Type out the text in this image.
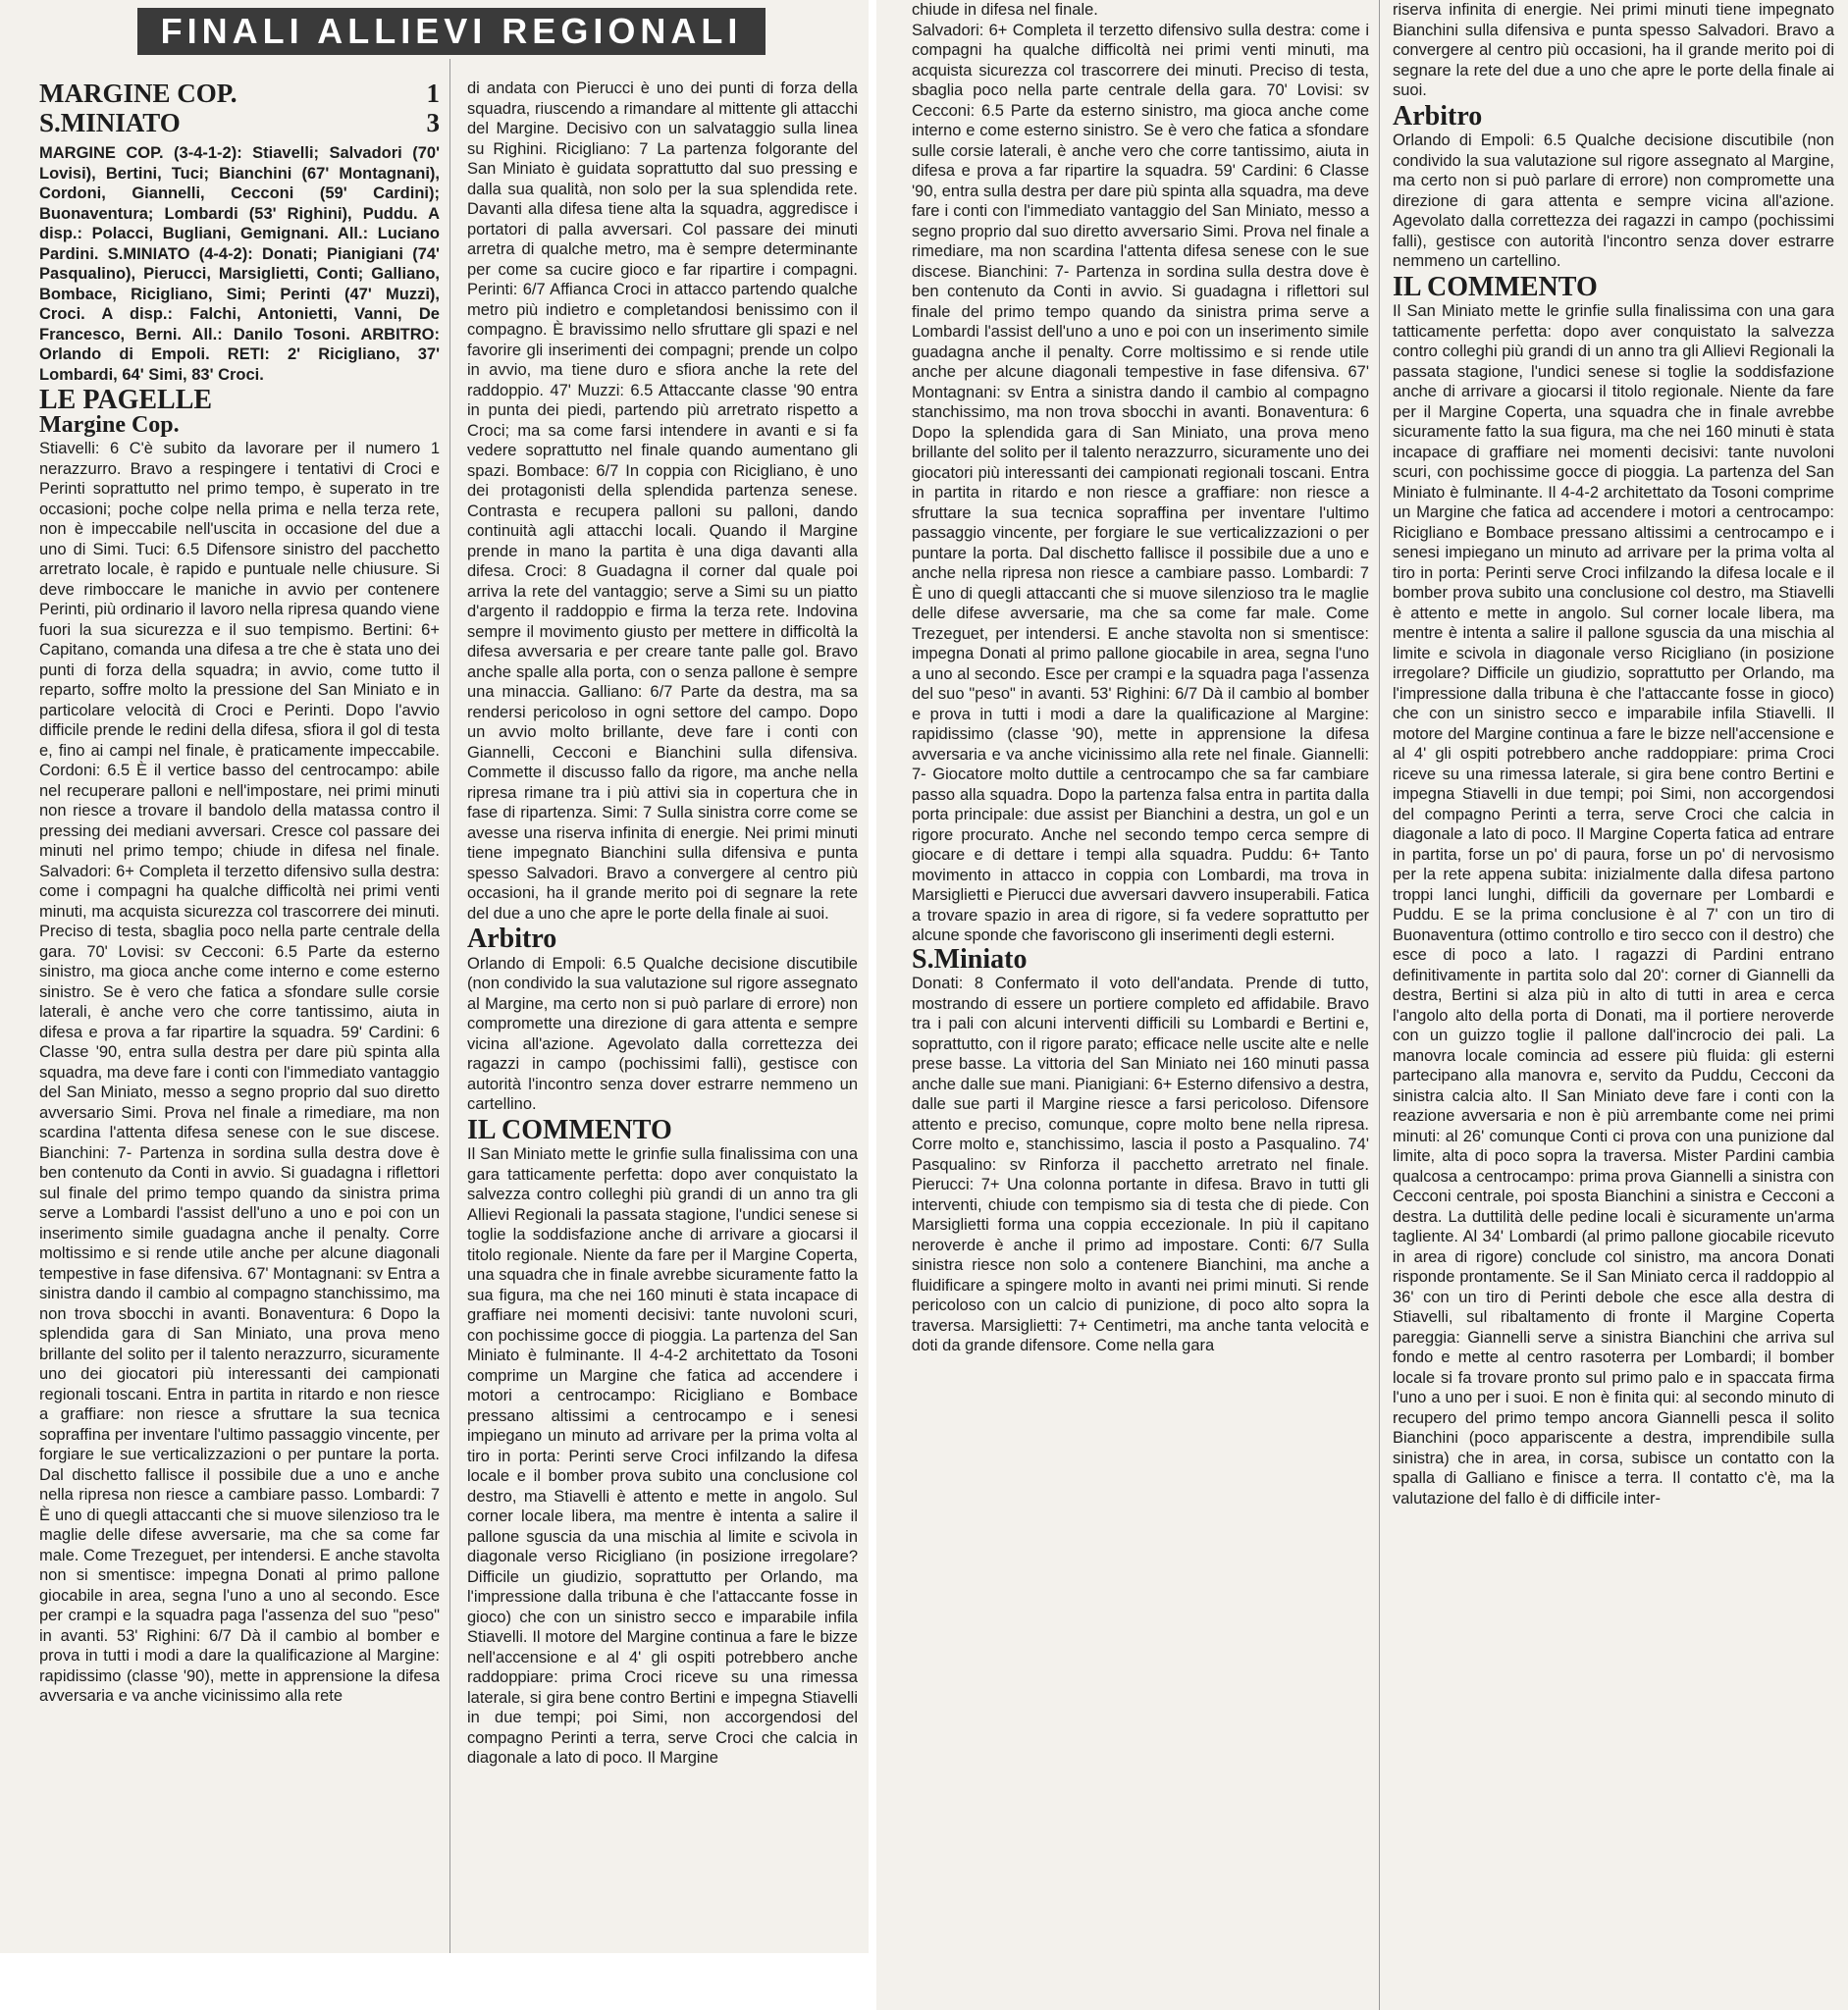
FINALI ALLIEVI REGIONALI
MARGINE COP.	1
S.MINIATO	3

MARGINE COP. (3-4-1-2): Stiavelli; Salvadori (70' Lovisi), Bertini, Tuci; Bianchini (67' Montagnani), Cordoni, Giannelli, Cecconi (59' Cardini); Buonaventura; Lombardi (53' Righini), Puddu. A disp.: Polacci, Bugliani, Gemignani. All.: Luciano Pardini. S.MINIATO (4-4-2): Donati; Pianigiani (74' Pasqualino), Pierucci, Marsiglietti, Conti; Galliano, Bombace, Ricigliano, Simi; Perinti (47' Muzzi), Croci. A disp.: Falchi, Antonietti, Vanni, De Francesco, Berni. All.: Danilo Tosoni. ARBITRO: Orlando di Empoli. RETI: 2' Ricigliano, 37' Lombardi, 64' Simi, 83' Croci.

LE PAGELLE
Margine Cop.

Stiavelli: 6 C'è subito da lavorare per il numero 1 nerazzurro. Bravo a respingere i tentativi di Croci e Perinti soprattutto nel primo tempo, è superato in tre occasioni; poche colpe nella prima e nella terza rete, non è impeccabile nell'uscita in occasione del due a uno di Simi. Tuci: 6.5 Difensore sinistro del pacchetto arretrato locale, è rapido e puntuale nelle chiusure. Si deve rimboccare le maniche in avvio per contenere Perinti, più ordinario il lavoro nella ripresa quando viene fuori la sua sicurezza e il suo tempismo. Bertini: 6+ Capitano, comanda una difesa a tre che è stata uno dei punti di forza della squadra; in avvio, come tutto il reparto, soffre molto la pressione del San Miniato e in particolare velocità di Croci e Perinti. Dopo l'avvio difficile prende le redini della difesa, sfiora il gol di testa e, fino ai campi nel finale, è praticamente impeccabile. Cordoni: 6.5 È il vertice basso del centrocampo: abile nel recuperare palloni e nell'impostare, nei primi minuti non riesce a trovare il bandolo della matassa contro il pressing dei mediani avversari. Cresce col passare dei minuti nel primo tempo; chiude in difesa nel finale. Salvadori: 6+ Completa il terzetto difensivo sulla destra: come i compagni ha qualche difficoltà nei primi venti minuti, ma acquista sicurezza col trascorrere dei minuti. Preciso di testa, sbaglia poco nella parte centrale della gara. 70' Lovisi: sv Cecconi: 6.5 Parte da esterno sinistro, ma gioca anche come interno e come esterno sinistro. Se è vero che fatica a sfondare sulle corsie laterali, è anche vero che corre tantissimo, aiuta in difesa e prova a far ripartire la squadra. 59' Cardini: 6 Classe '90, entra sulla destra per dare più spinta alla squadra, ma deve fare i conti con l'immediato vantaggio del San Miniato, messo a segno proprio dal suo diretto avversario Simi. Prova nel finale a rimediare, ma non scardina l'attenta difesa senese con le sue discese. Bianchini: 7- Partenza in sordina sulla destra dove è ben contenuto da Conti in avvio. Si guadagna i riflettori sul finale del primo tempo quando da sinistra prima serve a Lombardi l'assist dell'uno a uno e poi con un inserimento simile guadagna anche il penalty. Corre moltissimo e si rende utile anche per alcune diagonali tempestive in fase difensiva. 67' Montagnani: sv Entra a sinistra dando il cambio al compagno stanchissimo, ma non trova sbocchi in avanti. Bonaventura: 6 Dopo la splendida gara di San Miniato, una prova meno brillante del solito per il talento nerazzurro, sicuramente uno dei giocatori più interessanti dei campionati regionali toscani. Entra in partita in ritardo e non riesce a graffiare: non riesce a sfruttare la sua tecnica sopraffina per inventare l'ultimo passaggio vincente, per forgiare le sue verticalizzazioni o per puntare la porta. Dal dischetto fallisce il possibile due a uno e anche nella ripresa non riesce a cambiare passo. Lombardi: 7 È uno di quegli attaccanti che si muove silenzioso tra le maglie delle difese avversarie, ma che sa come far male. Come Trezeguet, per intendersi. E anche stavolta non si smentisce: impegna Donati al primo pallone giocabile in area, segna l'uno a uno al secondo. Esce per crampi e la squadra paga l'assenza del suo "peso" in avanti. 53' Righini: 6/7 Dà il cambio al bomber e prova in tutti i modi a dare la qualificazione al Margine: rapidissimo (classe '90), mette in apprensione la difesa avversaria e va anche vicinissimo alla rete

di andata con Pierucci è uno dei punti di forza della squadra, riuscendo a rimandare al mittente gli attacchi del Margine. Decisivo con un salvataggio sulla linea su Righini. Ricigliano: 7 La partenza folgorante del San Miniato è guidata soprattutto dal suo pressing e dalla sua qualità, non solo per la sua splendida rete. Davanti alla difesa tiene alta la squadra, aggredisce i portatori di palla avversari. Col passare dei minuti arretra di qualche metro, ma è sempre determinante per come sa cucire gioco e far ripartire i compagni. Perinti: 6/7 Affianca Croci in attacco partendo qualche metro più indietro e completandosi benissimo con il compagno. È bravissimo nello sfruttare gli spazi e nel favorire gli inserimenti dei compagni; prende un colpo in avvio, ma tiene duro e sfiora anche la rete del raddoppio. 47' Muzzi: 6.5 Attaccante classe '90 entra in punta dei piedi, partendo più arretrato rispetto a Croci; ma sa come farsi intendere in avanti e si fa vedere soprattutto nel finale quando aumentano gli spazi. Bombace: 6/7 In coppia con Ricigliano, è uno dei protagonisti della splendida partenza senese. Contrasta e recupera palloni su palloni, dando continuità agli attacchi locali. Quando il Margine prende in mano la partita è una diga davanti alla difesa. Croci: 8 Guadagna il corner dal quale poi arriva la rete del vantaggio; serve a Simi su un piatto d'argento il raddoppio e firma la terza rete. Indovina sempre il movimento giusto per mettere in difficoltà la difesa avversaria e per creare tante palle gol. Bravo anche spalle alla porta, con o senza pallone è sempre una minaccia. Galliano: 6/7 Parte da destra, ma sa rendersi pericoloso in ogni settore del campo. Dopo un avvio molto brillante, deve fare i conti con Giannelli, Cecconi e Bianchini sulla difensiva. Commette il discusso fallo da rigore, ma anche nella ripresa rimane tra i più attivi sia in copertura che in fase di ripartenza. Simi: 7 Sulla sinistra corre come se avesse una riserva infinita di energie. Nei primi minuti tiene impegnato Bianchini sulla difensiva e punta spesso Salvadori. Bravo a convergere al centro più occasioni, ha il grande merito poi di segnare la rete del due a uno che apre le porte della finale ai suoi.

Arbitro

Orlando di Empoli: 6.5 Qualche decisione discutibile (non condivido la sua valutazione sul rigore assegnato al Margine, ma certo non si può parlare di errore) non compromette una direzione di gara attenta e sempre vicina all'azione. Agevolato dalla correttezza dei ragazzi in campo (pochissimi falli), gestisce con autorità l'incontro senza dover estrarre nemmeno un cartellino.

IL COMMENTO

Il San Miniato mette le grinfie sulla finalissima con una gara tatticamente perfetta: dopo aver conquistato la salvezza contro colleghi più grandi di un anno tra gli Allievi Regionali la passata stagione, l'undici senese si toglie la soddisfazione anche di arrivare a giocarsi il titolo regionale. Niente da fare per il Margine Coperta, una squadra che in finale avrebbe sicuramente fatto la sua figura, ma che nei 160 minuti è stata incapace di graffiare nei momenti decisivi: tante nuvoloni scuri, con pochissime gocce di pioggia. La partenza del San Miniato è fulminante. Il 4-4-2 architettato da Tosoni comprime un Margine che fatica ad accendere i motori a centrocampo: Ricigliano e Bombace pressano altissimi a centrocampo e i senesi impiegano un minuto ad arrivare per la prima volta al tiro in porta: Perinti serve Croci infilzando la difesa locale e il bomber prova subito una conclusione col destro, ma Stiavelli è attento e mette in angolo. Sul corner locale libera, ma mentre è intenta a salire il pallone sguscia da una mischia al limite e scivola in diagonale verso Ricigliano (in posizione irregolare? Difficile un giudizio, soprattutto per Orlando, ma l'impressione dalla tribuna è che l'attaccante fosse in gioco) che con un sinistro secco e imparabile infila Stiavelli. Il motore del Margine continua a fare le bizze nell'accensione e al 4' gli ospiti potrebbero anche raddoppiare: prima Croci riceve su una rimessa laterale, si gira bene contro Bertini e impegna Stiavelli in due tempi; poi Simi, non accorgendosi del compagno Perinti a terra, serve Croci che calcia in diagonale a lato di poco. Il Margine

chiude in difesa nel finale.

Salvadori: 6+ Completa il terzetto difensivo sulla destra: come i compagni ha qualche difficoltà nei primi venti minuti, ma acquista sicurezza col trascorrere dei minuti. Preciso di testa, sbaglia poco nella parte centrale della gara. 70' Lovisi: sv Cecconi: 6.5 Parte da esterno sinistro, ma gioca anche come interno e come esterno sinistro. Se è vero che fatica a sfondare sulle corsie laterali, è anche vero che corre tantissimo, aiuta in difesa e prova a far ripartire la squadra. 59' Cardini: 6 Classe '90, entra sulla destra per dare più spinta alla squadra, ma deve fare i conti con l'immediato vantaggio del San Miniato, messo a segno proprio dal suo diretto avversario Simi. Prova nel finale a rimediare, ma non scardina l'attenta difesa senese con le sue discese. Bianchini: 7- Partenza in sordina sulla destra dove è ben contenuto da Conti in avvio. Si guadagna i riflettori sul finale del primo tempo quando da sinistra prima serve a Lombardi l'assist dell'uno a uno e poi con un inserimento simile guadagna anche il penalty. Corre moltissimo e si rende utile anche per alcune diagonali tempestive in fase difensiva. 67' Montagnani: sv Entra a sinistra dando il cambio al compagno stanchissimo, ma non trova sbocchi in avanti. Bonaventura: 6 Dopo la splendida gara di San Miniato, una prova meno brillante del solito per il talento nerazzurro, sicuramente uno dei giocatori più interessanti dei campionati regionali toscani. Entra in partita in ritardo e non riesce a graffiare: non riesce a sfruttare la sua tecnica sopraffina per inventare l'ultimo passaggio vincente, per forgiare le sue verticalizzazioni o per puntare la porta. Dal dischetto fallisce il possibile due a uno e anche nella ripresa non riesce a cambiare passo. Lombardi: 7 È uno di quegli attaccanti che si muove silenzioso tra le maglie delle difese avversarie, ma che sa come far male. Come Trezeguet, per intendersi. E anche stavolta non si smentisce: impegna Donati al primo pallone giocabile in area, segna l'uno a uno al secondo. Esce per crampi e la squadra paga l'assenza del suo "peso" in avanti. 53' Righini: 6/7 Dà il cambio al bomber e prova in tutti i modi a dare la qualificazione al Margine: rapidissimo (classe '90), mette in apprensione la difesa avversaria e va anche vicinissimo alla rete nel finale. Giannelli: 7- Giocatore molto duttile a centrocampo che sa far cambiare passo alla squadra. Dopo la partenza falsa entra in partita dalla porta principale: due assist per Bianchini a destra, un gol e un rigore procurato. Anche nel secondo tempo cerca sempre di giocare e di dettare i tempi alla squadra. Puddu: 6+ Tanto movimento in attacco in coppia con Lombardi, ma trova in Marsiglietti e Pierucci due avversari davvero insuperabili. Fatica a trovare spazio in area di rigore, si fa vedere soprattutto per alcune sponde che favoriscono gli inserimenti degli esterni.

S.Miniato

Donati: 8 Confermato il voto dell'andata. Prende di tutto, mostrando di essere un portiere completo ed affidabile. Bravo tra i pali con alcuni interventi difficili su Lombardi e Bertini e, soprattutto, con il rigore parato; efficace nelle uscite alte e nelle prese basse. La vittoria del San Miniato nei 160 minuti passa anche dalle sue mani. Pianigiani: 6+ Esterno difensivo a destra, dalle sue parti il Margine riesce a farsi pericoloso. Difensore attento e preciso, comunque, copre molto bene nella ripresa. Corre molto e, stanchissimo, lascia il posto a Pasqualino. 74' Pasqualino: sv Rinforza il pacchetto arretrato nel finale. Pierucci: 7+ Una colonna portante in difesa. Bravo in tutti gli interventi, chiude con tempismo sia di testa che di piede. Con Marsiglietti forma una coppia eccezionale. In più il capitano neroverde è anche il primo ad impostare. Conti: 6/7 Sulla sinistra riesce non solo a contenere Bianchini, ma anche a fluidificare a spingere molto in avanti nei primi minuti. Si rende pericoloso con un calcio di punizione, di poco alto sopra la traversa. Marsiglietti: 7+ Centimetri, ma anche tanta velocità e doti da grande difensore. Come nella gara

riserva infinita di energie. Nei primi minuti tiene impegnato Bianchini sulla difensiva e punta spesso Salvadori. Bravo a convergere al centro più occasioni, ha il grande merito poi di segnare la rete del due a uno che apre le porte della finale ai suoi.

Arbitro

Orlando di Empoli: 6.5 Qualche decisione discutibile (non condivido la sua valutazione sul rigore assegnato al Margine, ma certo non si può parlare di errore) non compromette una direzione di gara attenta e sempre vicina all'azione. Agevolato dalla correttezza dei ragazzi in campo (pochissimi falli), gestisce con autorità l'incontro senza dover estrarre nemmeno un cartellino.

IL COMMENTO

Il San Miniato mette le grinfie sulla finalissima con una gara tatticamente perfetta: dopo aver conquistato la salvezza contro colleghi più grandi di un anno tra gli Allievi Regionali la passata stagione, l'undici senese si toglie la soddisfazione anche di arrivare a giocarsi il titolo regionale. Niente da fare per il Margine Coperta, una squadra che in finale avrebbe sicuramente fatto la sua figura, ma che nei 160 minuti è stata incapace di graffiare nei momenti decisivi: tante nuvoloni scuri, con pochissime gocce di pioggia. La partenza del San Miniato è fulminante. Il 4-4-2 architettato da Tosoni comprime un Margine che fatica ad accendere i motori a centrocampo: Ricigliano e Bombace pressano altissimi a centrocampo e i senesi impiegano un minuto ad arrivare per la prima volta al tiro in porta: Perinti serve Croci infilzando la difesa locale e il bomber prova subito una conclusione col destro, ma Stiavelli è attento e mette in angolo. Sul corner locale libera, ma mentre è intenta a salire il pallone sguscia da una mischia al limite e scivola in diagonale verso Ricigliano (in posizione irregolare? Difficile un giudizio, soprattutto per Orlando, ma l'impressione dalla tribuna è che l'attaccante fosse in gioco) che con un sinistro secco e imparabile infila Stiavelli. Il motore del Margine continua a fare le bizze nell'accensione e al 4' gli ospiti potrebbero anche raddoppiare: prima Croci riceve su una rimessa laterale, si gira bene contro Bertini e impegna Stiavelli in due tempi; poi Simi, non accorgendosi del compagno Perinti a terra, serve Croci che calcia in diagonale a lato di poco. Il Margine Coperta fatica ad entrare in partita, forse un po' di paura, forse un po' di nervosismo per la rete appena subita: inizialmente dalla difesa partono troppi lanci lunghi, difficili da governare per Lombardi e Puddu. E se la prima conclusione è al 7' con un tiro di Buonaventura (ottimo controllo e tiro secco con il destro) che esce di poco a lato. I ragazzi di Pardini entrano definitivamente in partita solo dal 20': corner di Giannelli da destra, Bertini si alza più in alto di tutti in area e cerca l'angolo alto della porta di Donati, ma il portiere neroverde con un guizzo toglie il pallone dall'incrocio dei pali. La manovra locale comincia ad essere più fluida: gli esterni partecipano alla manovra e, servito da Puddu, Cecconi da sinistra calcia alto. Il San Miniato deve fare i conti con la reazione avversaria e non è più arrembante come nei primi minuti: al 26' comunque Conti ci prova con una punizione dal limite, alta di poco sopra la traversa. Mister Pardini cambia qualcosa a centrocampo: prima prova Giannelli a sinistra con Cecconi centrale, poi sposta Bianchini a sinistra e Cecconi a destra. La duttilità delle pedine locali è sicuramente un'arma tagliente. Al 34' Lombardi (al primo pallone giocabile ricevuto in area di rigore) conclude col sinistro, ma ancora Donati risponde prontamente. Se il San Miniato cerca il raddoppio al 36' con un tiro di Perinti debole che esce alla destra di Stiavelli, sul ribaltamento di fronte il Margine Coperta pareggia: Giannelli serve a sinistra Bianchini che arriva sul fondo e mette al centro rasoterra per Lombardi; il bomber locale si fa trovare pronto sul primo palo e in spaccata firma l'uno a uno per i suoi. E non è finita qui: al secondo minuto di recupero del primo tempo ancora Giannelli pesca il solito Bianchini (poco appariscente a destra, imprendibile sulla sinistra) che in area, in corsa, subisce un contatto con la spalla di Galliano e finisce a terra. Il contatto c'è, ma la valutazione del fallo è di difficile inter-
